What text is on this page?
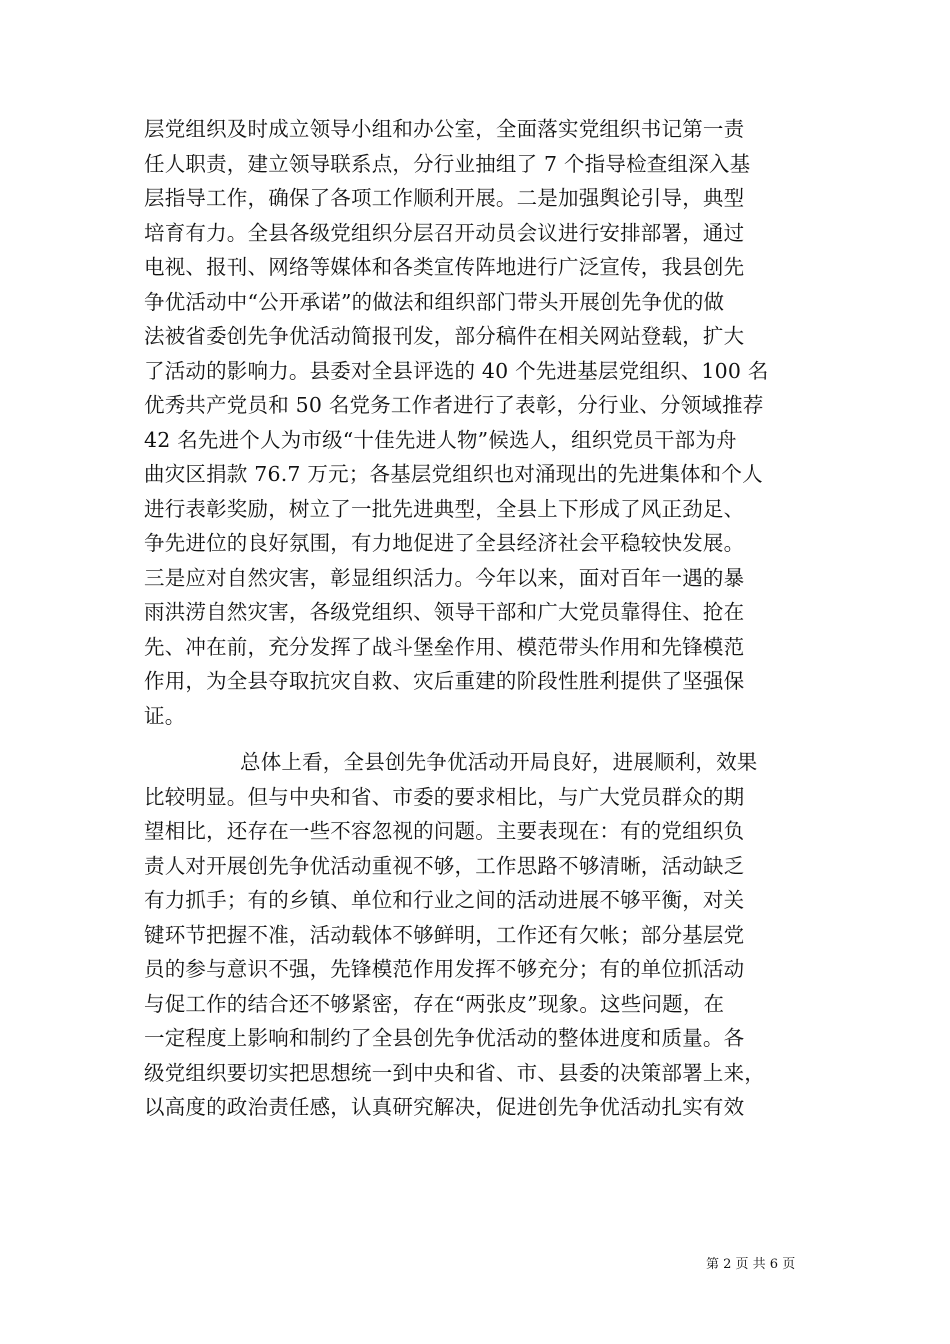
层党组织及时成立领导小组和办公室，全面落实党组织书记第一责
任人职责，建立领导联系点，分行业抽组了 7 个指导检查组深入基
层指导工作，确保了各项工作顺利开展。二是加强舆论引导，典型
培育有力。全县各级党组织分层召开动员会议进行安排部署，通过
电视、报刊、网络等媒体和各类宣传阵地进行广泛宣传，我县创先
争优活动中“公开承诺”的做法和组织部门带头开展创先争优的做
法被省委创先争优活动简报刊发，部分稿件在相关网站登载，扩大
了活动的影响力。县委对全县评选的 40 个先进基层党组织、100 名
优秀共产党员和 50 名党务工作者进行了表彰，分行业、分领域推荐
42 名先进个人为市级“十佳先进人物”候选人，组织党员干部为舟
曲灾区捐款 76.7 万元；各基层党组织也对涌现出的先进集体和个人
进行表彰奖励，树立了一批先进典型，全县上下形成了风正劲足、
争先进位的良好氛围，有力地促进了全县经济社会平稳较快发展。
三是应对自然灾害，彰显组织活力。今年以来，面对百年一遇的暴
雨洪涝自然灾害，各级党组织、领导干部和广大党员靠得住、抢在
先、冲在前，充分发挥了战斗堡垒作用、模范带头作用和先锋模范
作用，为全县夺取抗灾自救、灾后重建的阶段性胜利提供了坚强保
证。
总体上看，全县创先争优活动开局良好，进展顺利，效果
比较明显。但与中央和省、市委的要求相比，与广大党员群众的期
望相比，还存在一些不容忽视的问题。主要表现在：有的党组织负
责人对开展创先争优活动重视不够，工作思路不够清晰，活动缺乏
有力抓手；有的乡镇、单位和行业之间的活动进展不够平衡，对关
键环节把握不准，活动载体不够鲜明，工作还有欠帐；部分基层党
员的参与意识不强，先锋模范作用发挥不够充分；有的单位抓活动
与促工作的结合还不够紧密，存在“两张皮”现象。这些问题，在
一定程度上影响和制约了全县创先争优活动的整体进度和质量。各
级党组织要切实把思想统一到中央和省、市、县委的决策部署上来，
以高度的政治责任感，认真研究解决，促进创先争优活动扎实有效
第 2 页 共 6 页
